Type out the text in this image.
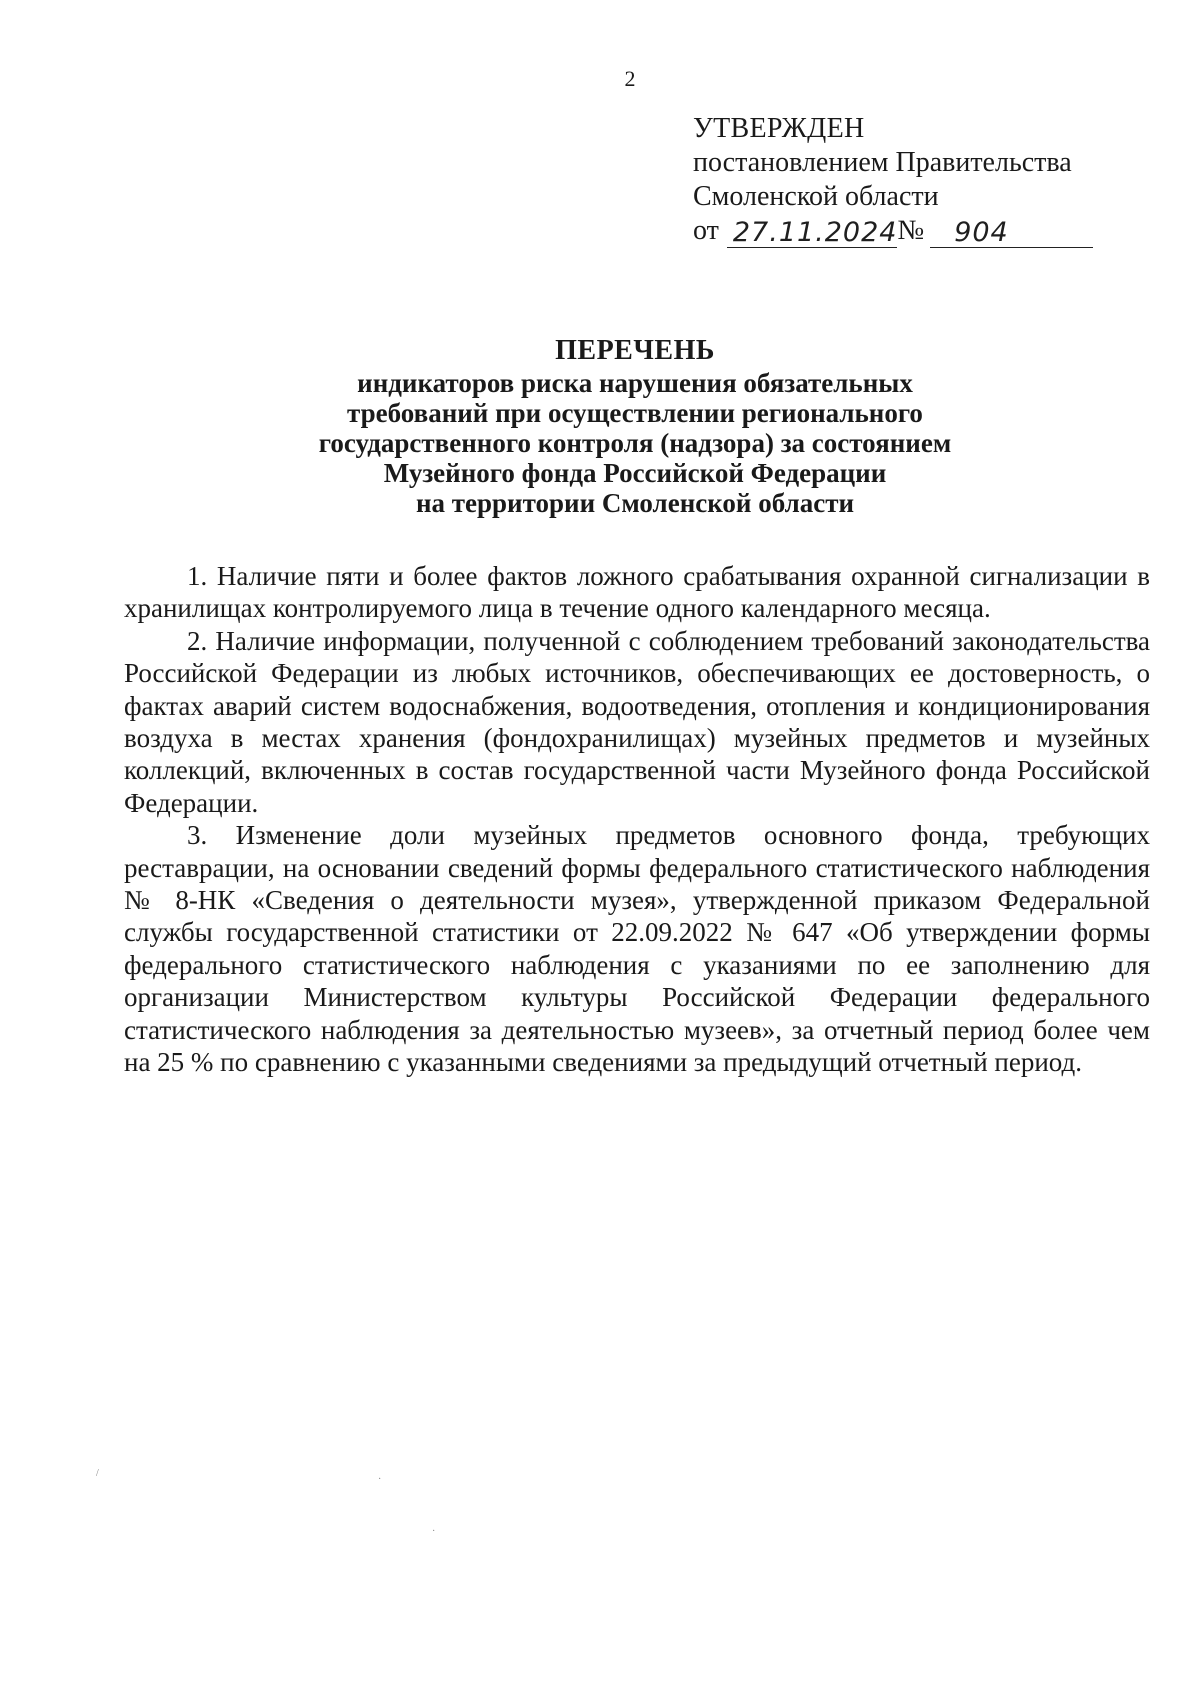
2
УТВЕРЖДЕН
постановлением Правительства
Смоленской области
от 27.11.2024 №	904
ПЕРЕЧЕНЬ
индикаторов риска нарушения обязательных
требований при осуществлении регионального
государственного контроля (надзора) за состоянием
Музейного фонда Российской Федерации
на территории Смоленской области

1. Наличие пяти и более фактов ложного срабатывания охранной сигнализации в хранилищах контролируемого лица в течение одного календарного месяца.

2. Наличие информации, полученной с соблюдением требований законодательства Российской Федерации из любых источников, обеспечивающих ее достоверность, о фактах аварий систем водоснабжения, водоотведения, отопления и кондиционирования воздуха в местах хранения (фондохранилищах) музейных предметов и музейных коллекций, включенных в состав государственной части Музейного фонда Российской Федерации.

3. Изменение доли музейных предметов основного фонда, требующих реставрации, на основании сведений формы федерального статистического наблюдения № 8-НК «Сведения о деятельности музея», утвержденной приказом Федеральной службы государственной статистики от 22.09.2022 № 647 «Об утверждении формы федерального статистического наблюдения с указаниями по ее заполнению для организации Министерством культуры Российской Федерации федерального статистического наблюдения за деятельностью музеев», за отчетный период более чем на 25 % по сравнению с указанными сведениями за предыдущий отчетный период.

/
·
·
